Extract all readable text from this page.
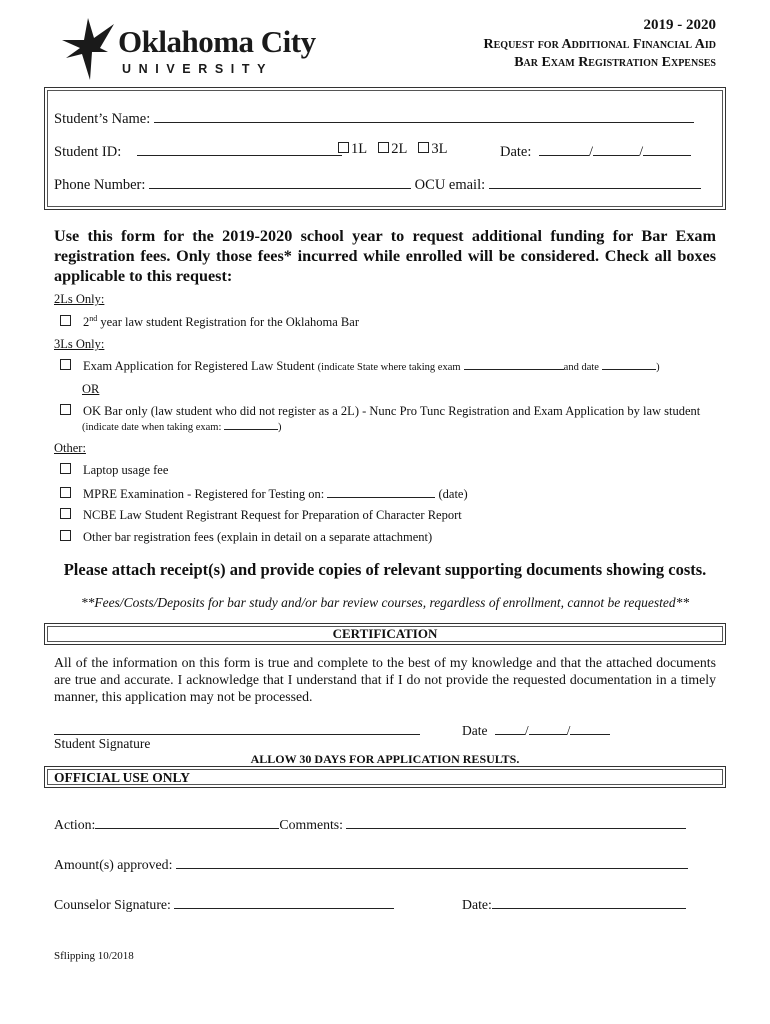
Oklahoma City
UNIVERSITY
2019 - 2020
Request for Additional Financial Aid
Bar Exam Registration Expenses
Student’s Name:
Student ID:	1L 2L 3L	Date:	/	/
Phone Number:	OCU email:
Use this form for the 2019-2020 school year to request additional funding for Bar Exam registration fees. Only those fees* incurred while enrolled will be considered. Check all boxes applicable to this request:
2Ls Only:
2nd year law student Registration for the Oklahoma Bar
3Ls Only:
Exam Application for Registered Law Student (indicate State where taking exam	and date	)
OR
OK Bar only (law student who did not register as a 2L) - Nunc Pro Tunc Registration and Exam Application by law student
(indicate date when taking exam:	)
Other:
Laptop usage fee
MPRE Examination - Registered for Testing on:	(date)
NCBE Law Student Registrant Request for Preparation of Character Report
Other bar registration fees (explain in detail on a separate attachment)
Please attach receipt(s) and provide copies of relevant supporting documents showing costs.
**Fees/Costs/Deposits for bar study and/or bar review courses, regardless of enrollment, cannot be requested**
CERTIFICATION
All of the information on this form is true and complete to the best of my knowledge and that the attached documents are true and accurate. I acknowledge that I understand that if I do not provide the requested documentation in a timely manner, this application may not be processed.
Date	/	/
Student Signature
ALLOW 30 DAYS FOR APPLICATION RESULTS.
OFFICIAL USE ONLY
Action:	Comments:
Amount(s) approved:
Counselor Signature:	Date:
Sflipping 10/2018
